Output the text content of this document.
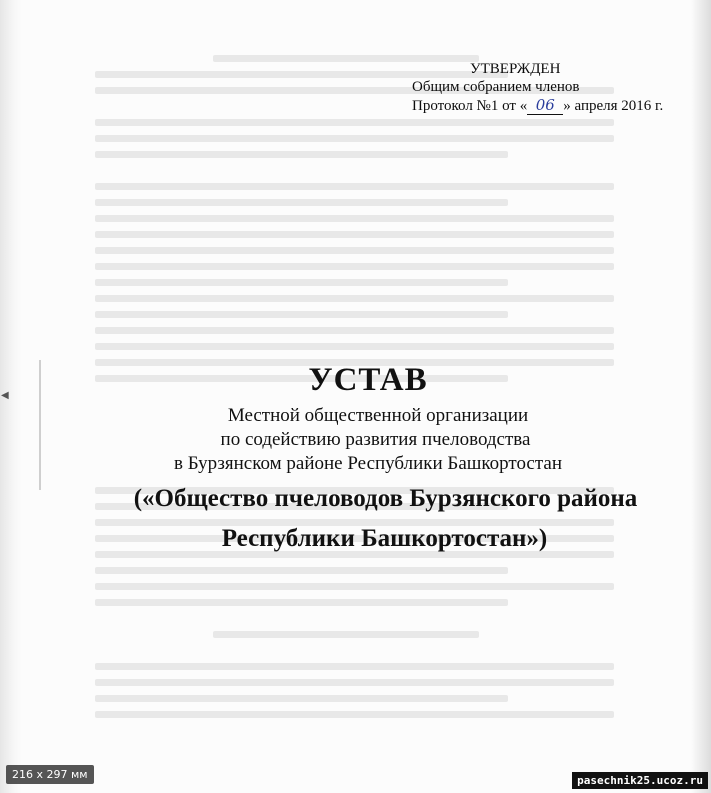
◀
УТВЕРЖДЕН
Общим собранием членов
Протокол №1 от « 06 » апреля 2016 г.
УСТАВ
Местной общественной организации
по содействию развития пчеловодства
в Бурзянском районе Республики Башкортостан
(«Общество пчеловодов Бурзянского района
Республики Башкортостан»)
216 x 297 мм	pasechnik25.ucoz.ru
